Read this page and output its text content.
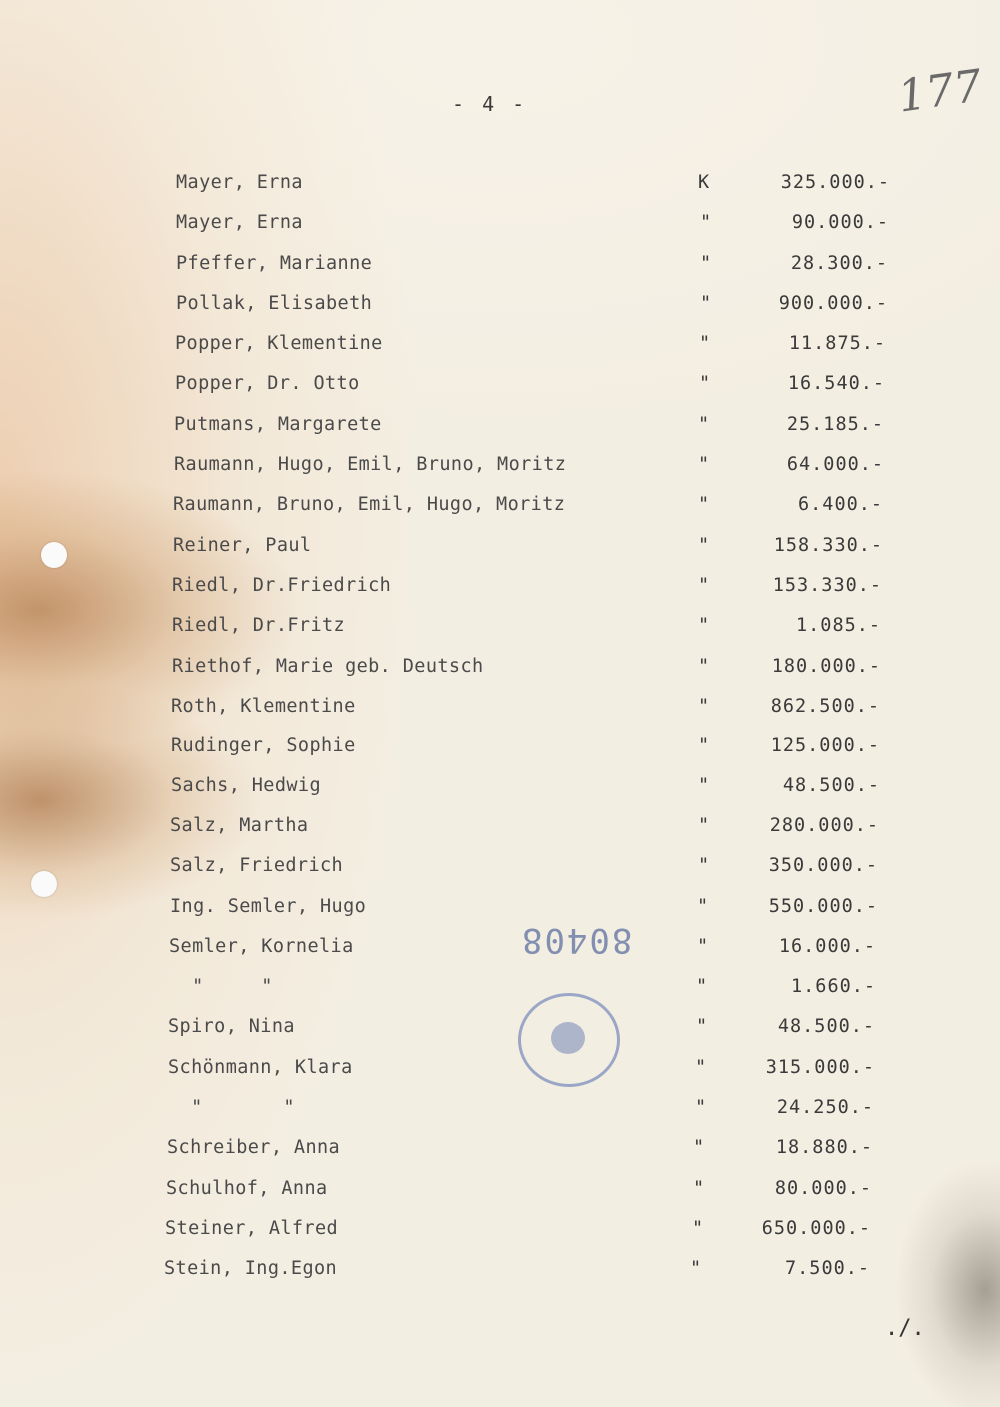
- 4 -	177
Mayer, Erna	K	325.000.-
Mayer, Erna	"	90.000.-
Pfeffer, Marianne	"	28.300.-
Pollak, Elisabeth	"	900.000.-
Popper, Klementine	"	11.875.-
Popper, Dr. Otto	"	16.540.-
Putmans, Margarete	"	25.185.-
Raumann, Hugo, Emil, Bruno, Moritz	"	64.000.-
Raumann, Bruno, Emil, Hugo, Moritz	"	6.400.-
Reiner, Paul	"	158.330.-
Riedl, Dr.Friedrich	"	153.330.-
Riedl, Dr.Fritz	"	1.085.-
Riethof, Marie geb. Deutsch	"	180.000.-
Roth, Klementine	"	862.500.-
Rudinger, Sophie	"	125.000.-
Sachs, Hedwig	"	48.500.-
Salz, Martha	"	280.000.-
Salz, Friedrich	"	350.000.-
Ing. Semler, Hugo	"	550.000.-
Semler, Kornelia	"	16.000.-
"     "	"	1.660.-
Spiro, Nina	"	48.500.-
Schönmann, Klara	"	315.000.-
"       "	"	24.250.-
Schreiber, Anna	"	18.880.-
Schulhof, Anna	"	80.000.-
Steiner, Alfred	"	650.000.-
Stein, Ing.Egon	"	7.500.-
80408
./.
